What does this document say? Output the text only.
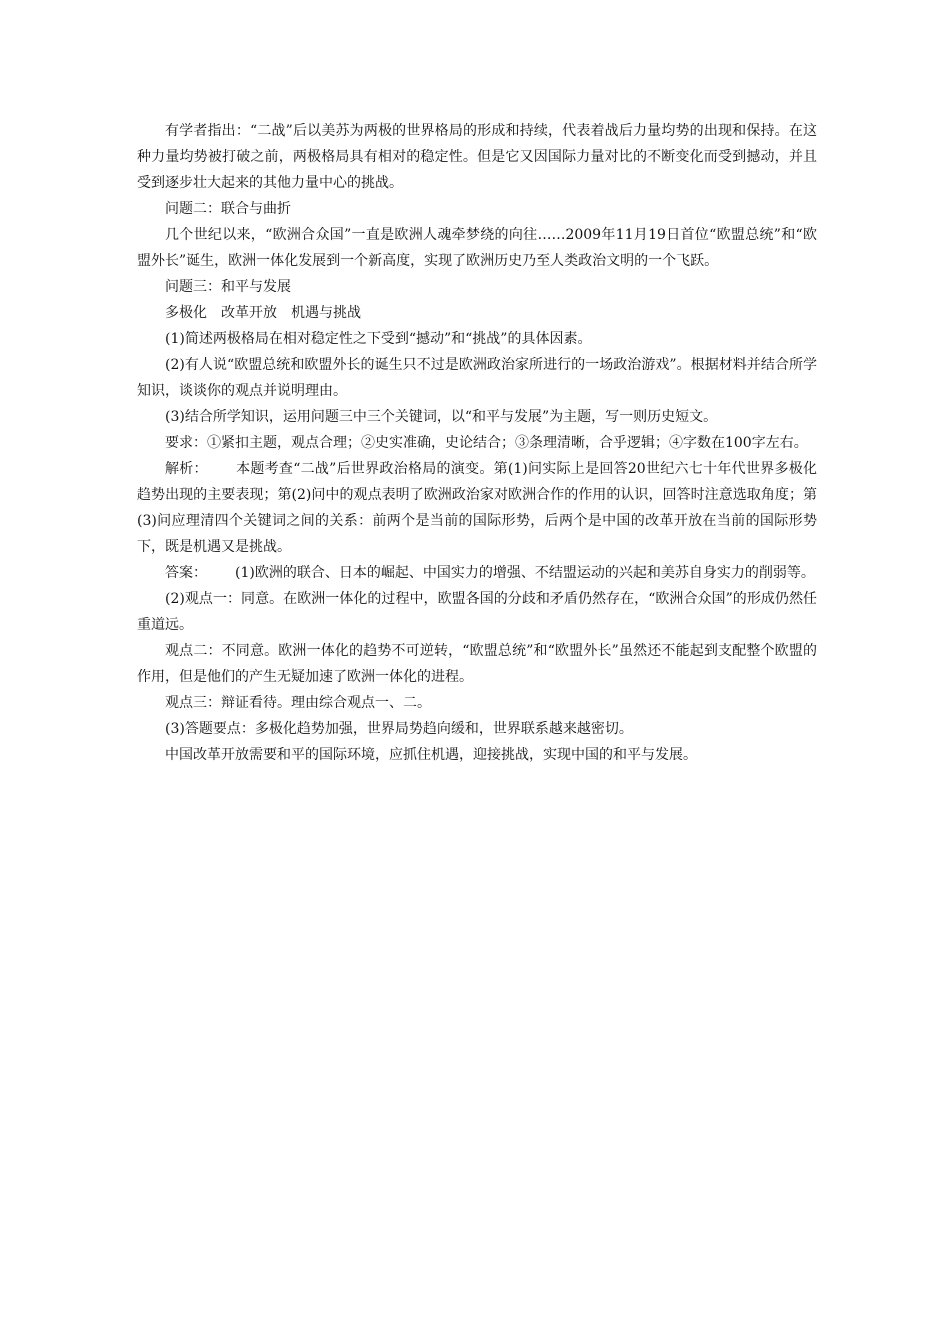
有学者指出：“二战”后以美苏为两极的世界格局的形成和持续，代表着战后力量均势的出现和保持。在这种力量均势被打破之前，两极格局具有相对的稳定性。但是它又因国际力量对比的不断变化而受到撼动，并且受到逐步壮大起来的其他力量中心的挑战。

问题二：联合与曲折

几个世纪以来，“欧洲合众国”一直是欧洲人魂牵梦绕的向往……2009年11月19日首位“欧盟总统”和“欧盟外长”诞生，欧洲一体化发展到一个新高度，实现了欧洲历史乃至人类政治文明的一个飞跃。

问题三：和平与发展

多极化　改革开放　机遇与挑战

(1)简述两极格局在相对稳定性之下受到“撼动”和“挑战”的具体因素。

(2)有人说“欧盟总统和欧盟外长的诞生只不过是欧洲政治家所进行的一场政治游戏”。根据材料并结合所学知识，谈谈你的观点并说明理由。

(3)结合所学知识，运用问题三中三个关键词，以“和平与发展”为主题，写一则历史短文。

要求：①紧扣主题，观点合理；②史实准确，史论结合；③条理清晰，合乎逻辑；④字数在100字左右。

解析： 本题考查“二战”后世界政治格局的演变。第(1)问实际上是回答20世纪六七十年代世界多极化趋势出现的主要表现；第(2)问中的观点表明了欧洲政治家对欧洲合作的作用的认识，回答时注意选取角度；第(3)问应理清四个关键词之间的关系：前两个是当前的国际形势，后两个是中国的改革开放在当前的国际形势下，既是机遇又是挑战。

答案： (1)欧洲的联合、日本的崛起、中国实力的增强、不结盟运动的兴起和美苏自身实力的削弱等。

(2)观点一：同意。在欧洲一体化的过程中，欧盟各国的分歧和矛盾仍然存在，“欧洲合众国”的形成仍然任重道远。

观点二：不同意。欧洲一体化的趋势不可逆转，“欧盟总统”和“欧盟外长”虽然还不能起到支配整个欧盟的作用，但是他们的产生无疑加速了欧洲一体化的进程。

观点三：辩证看待。理由综合观点一、二。

(3)答题要点：多极化趋势加强，世界局势趋向缓和，世界联系越来越密切。

中国改革开放需要和平的国际环境，应抓住机遇，迎接挑战，实现中国的和平与发展。
